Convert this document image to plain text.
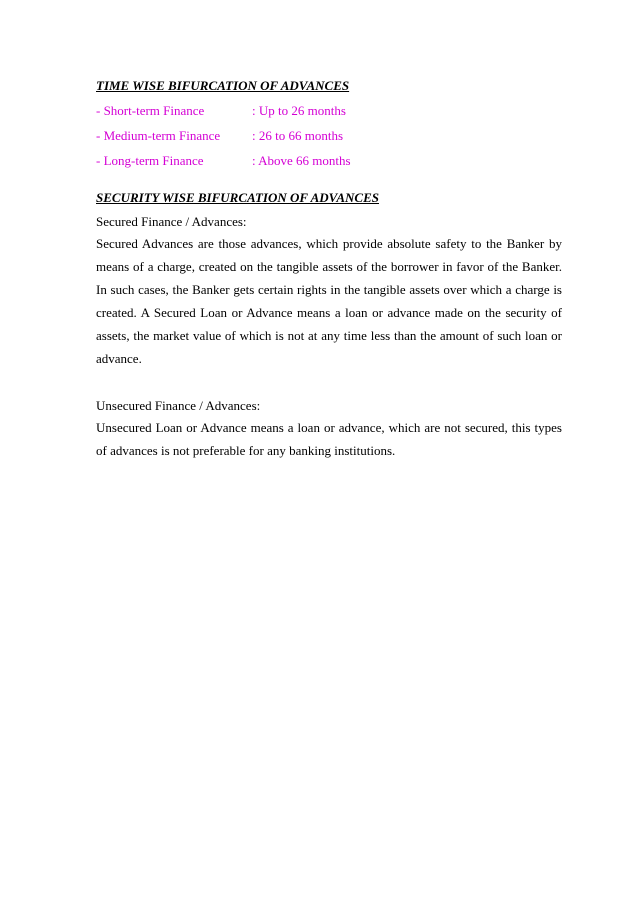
TIME WISE BIFURCATION OF ADVANCES
- Short-term Finance	: Up to 26 months
- Medium-term Finance : 26 to 66 months
- Long-term Finance	: Above 66 months
SECURITY WISE BIFURCATION OF ADVANCES
Secured Finance / Advances:

Secured Advances are those advances, which provide absolute safety to the Banker by means of a charge, created on the tangible assets of the borrower in favor of the Banker. In such cases, the Banker gets certain rights in the tangible assets over which a charge is created. A Secured Loan or Advance means a loan or advance made on the security of assets, the market value of which is not at any time less than the amount of such loan or advance.

Unsecured Finance / Advances:

Unsecured Loan or Advance means a loan or advance, which are not secured, this types of advances is not preferable for any banking institutions.
